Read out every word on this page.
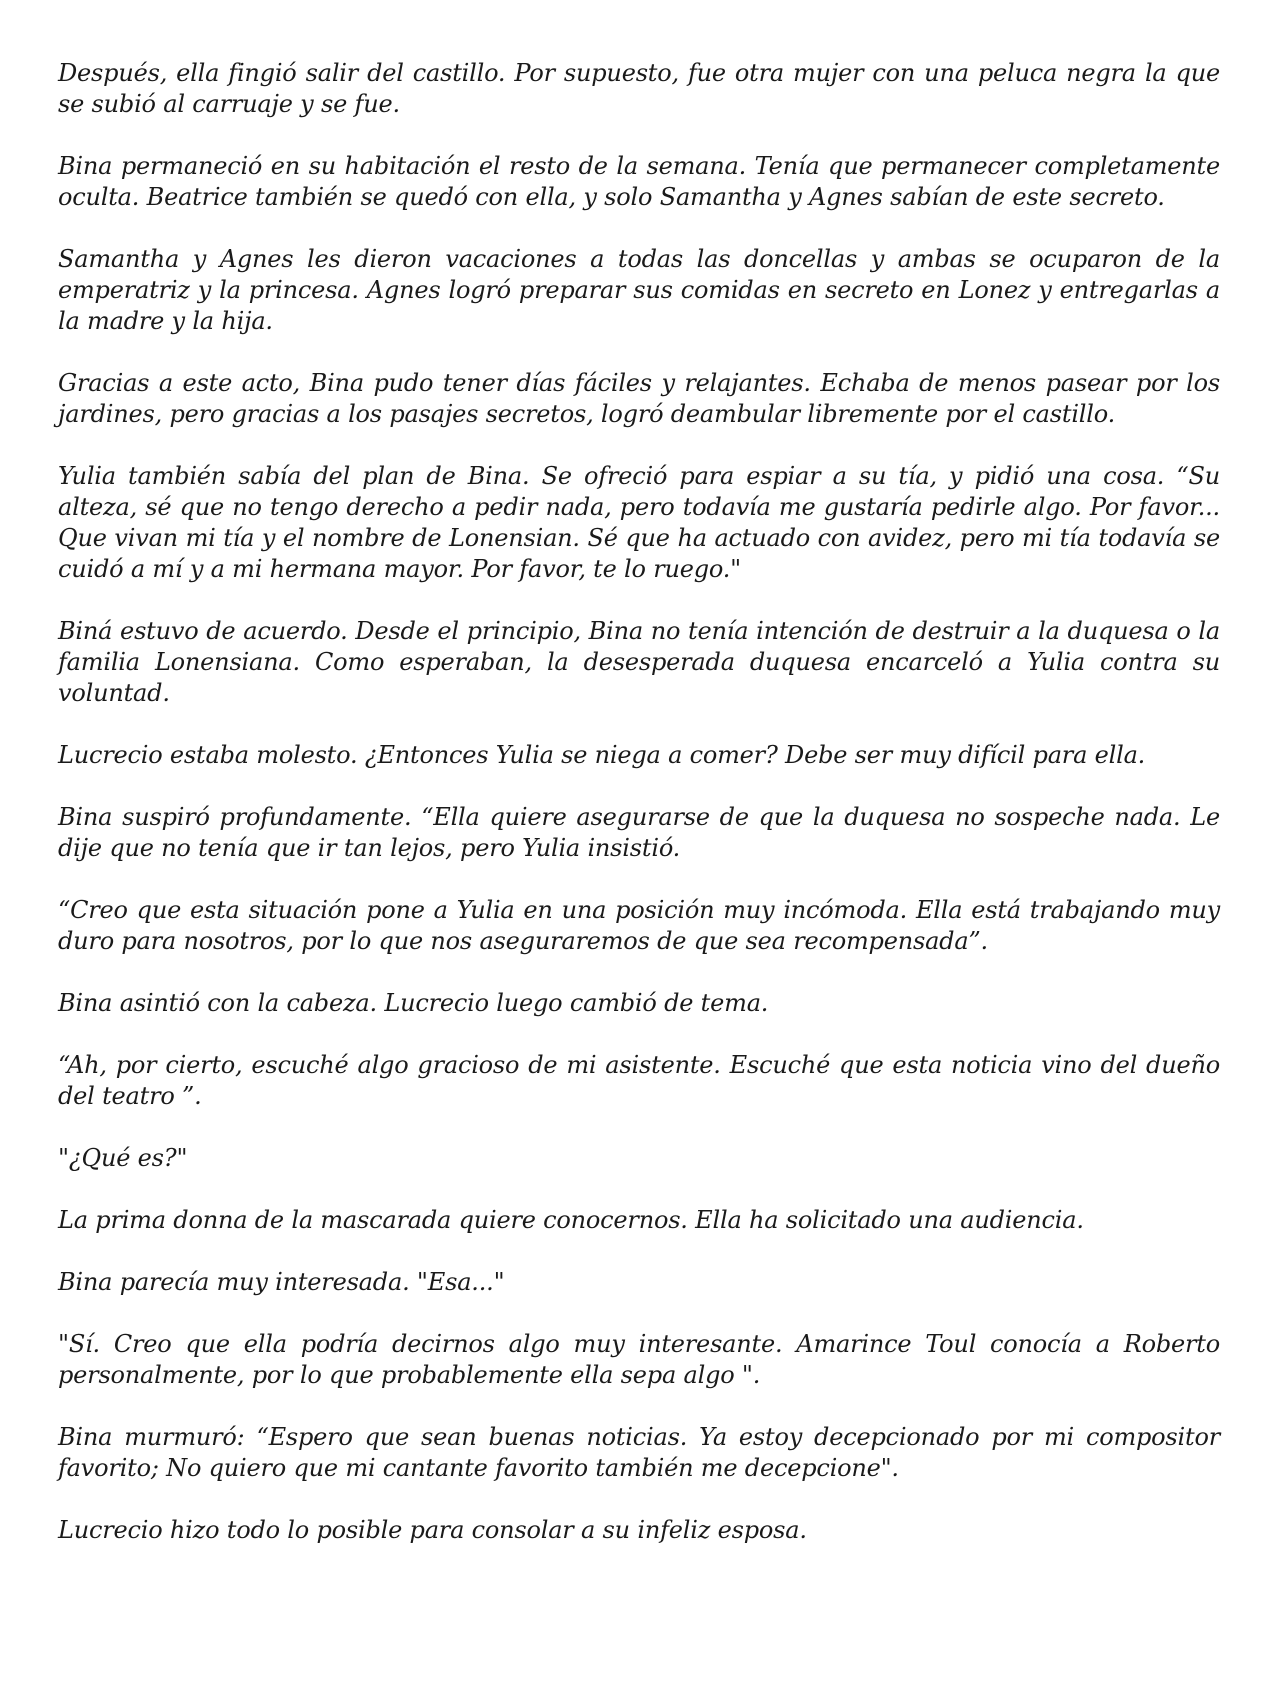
Después, ella fingió salir del castillo. Por supuesto, fue otra mujer con una peluca negra la que se subió al carruaje y se fue.

Bina permaneció en su habitación el resto de la semana. Tenía que permanecer completamente oculta. Beatrice también se quedó con ella, y solo Samantha y Agnes sabían de este secreto.

Samantha y Agnes les dieron vacaciones a todas las doncellas y ambas se ocuparon de la emperatriz y la princesa. Agnes logró preparar sus comidas en secreto en Lonez y entregarlas a la madre y la hija.

Gracias a este acto, Bina pudo tener días fáciles y relajantes. Echaba de menos pasear por los jardines, pero gracias a los pasajes secretos, logró deambular libremente por el castillo.

Yulia también sabía del plan de Bina. Se ofreció para espiar a su tía, y pidió una cosa. “Su alteza, sé que no tengo derecho a pedir nada, pero todavía me gustaría pedirle algo. Por favor... Que vivan mi tía y el nombre de Lonensian. Sé que ha actuado con avidez, pero mi tía todavía se cuidó a mí y a mi hermana mayor. Por favor, te lo ruego."

Biná estuvo de acuerdo. Desde el principio, Bina no tenía intención de destruir a la duquesa o la familia Lonensiana. Como esperaban, la desesperada duquesa encarceló a Yulia contra su voluntad.

Lucrecio estaba molesto. ¿Entonces Yulia se niega a comer? Debe ser muy difícil para ella.

Bina suspiró profundamente. “Ella quiere asegurarse de que la duquesa no sospeche nada. Le dije que no tenía que ir tan lejos, pero Yulia insistió.

“Creo que esta situación pone a Yulia en una posición muy incómoda. Ella está trabajando muy duro para nosotros, por lo que nos aseguraremos de que sea recompensada”.

Bina asintió con la cabeza. Lucrecio luego cambió de tema.

“Ah, por cierto, escuché algo gracioso de mi asistente. Escuché que esta noticia vino del dueño del teatro ”.

"¿Qué es?"

La prima donna de la mascarada quiere conocernos. Ella ha solicitado una audiencia.

Bina parecía muy interesada. "Esa..."

"Sí. Creo que ella podría decirnos algo muy interesante. Amarince Toul conocía a Roberto personalmente, por lo que probablemente ella sepa algo ".

Bina murmuró: “Espero que sean buenas noticias. Ya estoy decepcionado por mi compositor favorito; No quiero que mi cantante favorito también me decepcione".

Lucrecio hizo todo lo posible para consolar a su infeliz esposa.
